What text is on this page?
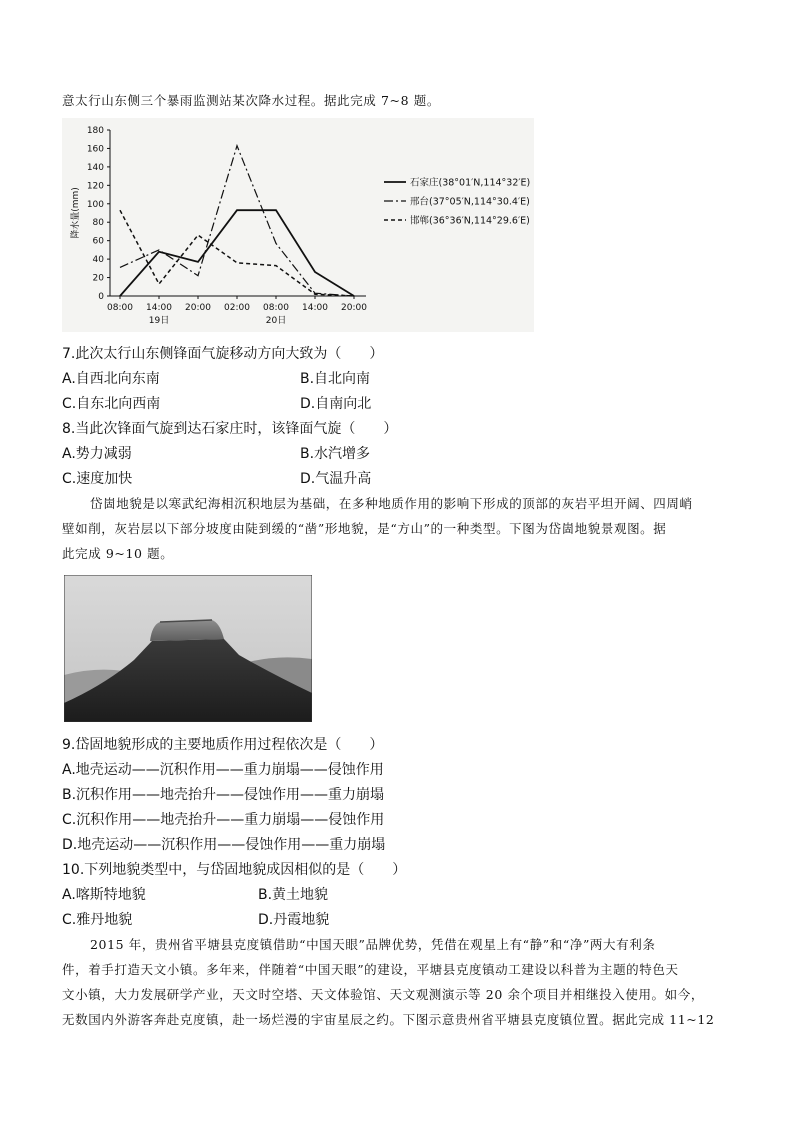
意太行山东侧三个暴雨监测站某次降水过程。据此完成 7~8 题。
0
20
40
60
80
100
120
140
160
180
08:00 14:00 20:00 02:00 08:00 14:00 20:00
19日	20日
降水量(mm)
石家庄(38°01′N,114°32′E)
邢台(37°05′N,114°30.4′E)
邯郸(36°36′N,114°29.6′E)
7.此次太行山东侧锋面气旋移动方向大致为（　　）
A.自西北向东南	B.自北向南
C.自东北向西南	D.自南向北
8.当此次锋面气旋到达石家庄时，该锋面气旋（　　）
A.势力减弱	B.水汽增多
C.速度加快	D.气温升高
岱崮地貌是以寒武纪海相沉积地层为基础，在多种地质作用的影响下形成的顶部的灰岩平坦开阔、四周峭
壁如削，灰岩层以下部分坡度由陡到缓的“凿”形地貌，是“方山”的一种类型。下图为岱崮地貌景观图。据
此完成 9~10 题。
9.岱固地貌形成的主要地质作用过程依次是（　　）
A.地壳运动——沉积作用——重力崩塌——侵蚀作用
B.沉积作用——地壳抬升——侵蚀作用——重力崩塌
C.沉积作用——地壳抬升——重力崩塌——侵蚀作用
D.地壳运动——沉积作用——侵蚀作用——重力崩塌
10.下列地貌类型中，与岱固地貌成因相似的是（　　）
A.喀斯特地貌	B.黄土地貌
C.雅丹地貌	D.丹霞地貌
2015 年，贵州省平塘县克度镇借助“中国天眼”品牌优势，凭借在观星上有“静”和“净”两大有利条
件，着手打造天文小镇。多年来，伴随着“中国天眼”的建设，平塘县克度镇动工建设以科普为主题的特色天
文小镇，大力发展研学产业，天文时空塔、天文体验馆、天文观测演示等 20 余个项目并相继投入使用。如今，
无数国内外游客奔赴克度镇，赴一场烂漫的宇宙星辰之约。下图示意贵州省平塘县克度镇位置。据此完成 11~12
